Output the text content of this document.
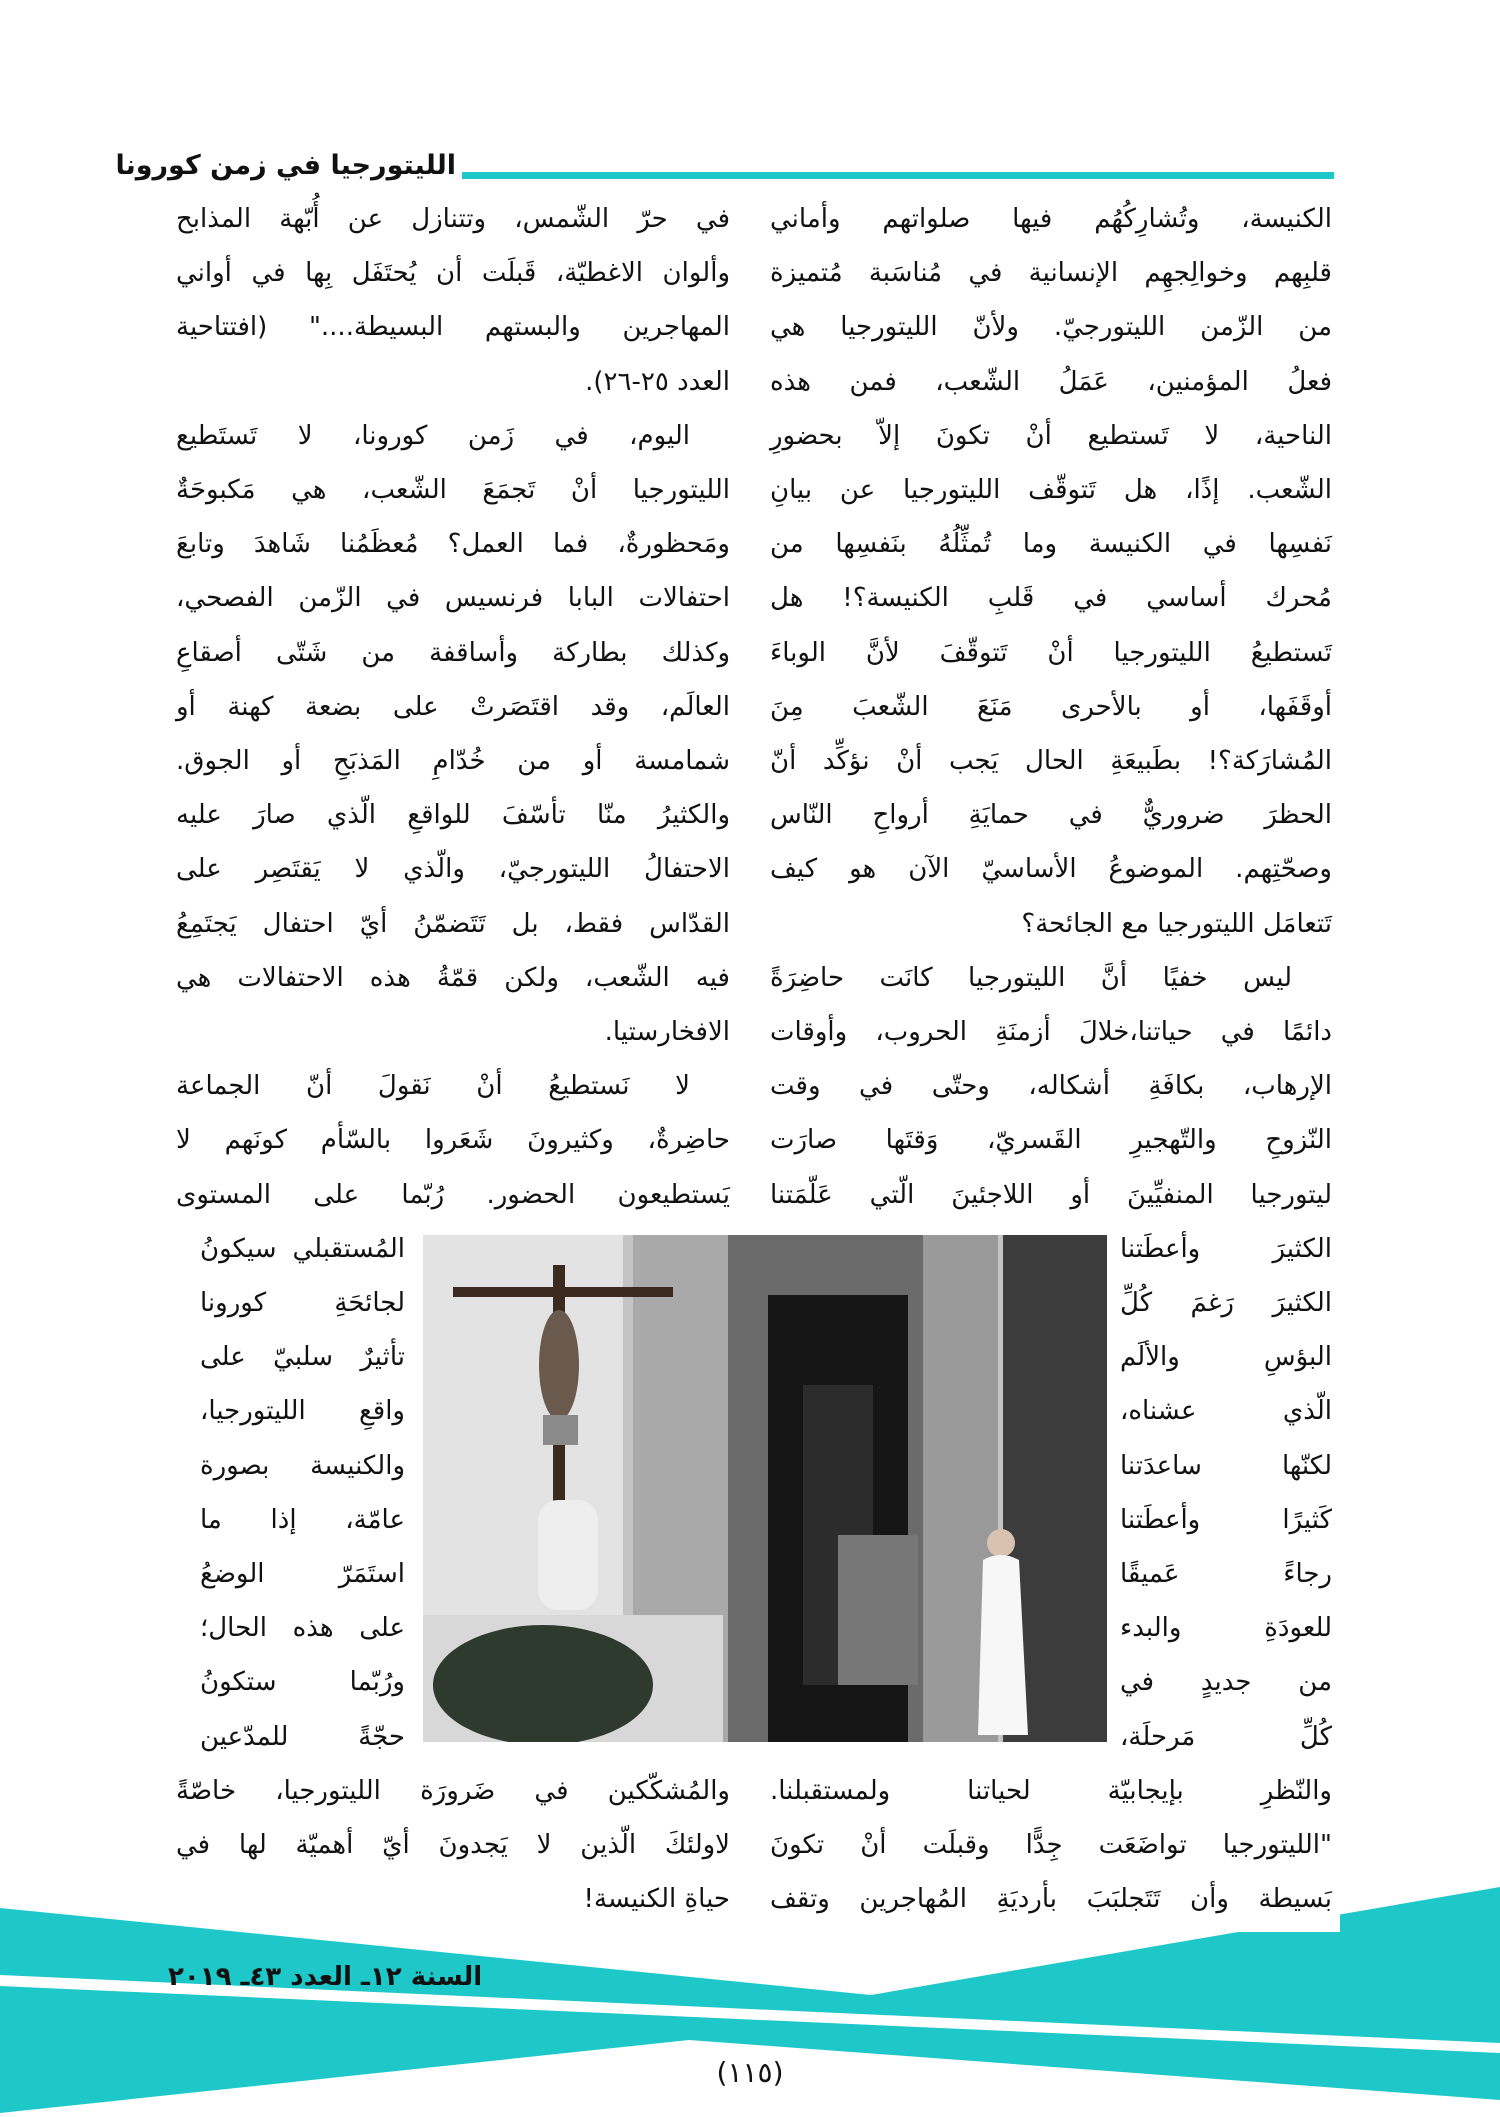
الليتورجيا في زمن كورونا
الكنيسة، وتُشارِكُهُم فيها صلواتهم وأماني
قلبِهم وخوالِجهِم الإنسانية في مُناسَبة مُتميزة
من الزّمن الليتورجيّ. ولأنّ الليتورجيا هي
فعلُ المؤمنين، عَمَلُ الشّعب، فمن هذه
الناحية، لا تَستطيع أنْ تكونَ إلاّ بحضورِ
الشّعب. إذًا، هل تَتوقّف الليتورجيا عن بيانِ
نَفسِها في الكنيسة وما تُمثِّلُهُ بنَفسِها من
مُحرك أساسي في قَلبِ الكنيسة؟! هل
تَستطيعُ الليتورجيا أنْ تَتوقّفَ لأنَّ الوباءَ
أوقَفَها، أو بالأحرى مَنَعَ الشّعبَ مِنَ
المُشارَكة؟! بطَبيعَةِ الحال يَجب أنْ نؤكِّد أنّ
الحظرَ ضروريٌّ في حمايَةِ أرواحِ النّاس
وصحّتِهم. الموضوعُ الأساسيّ الآن هو كيف
تَتعامَل الليتورجيا مع الجائحة؟
ليس خفيًا أنَّ الليتورجيا كانَت حاضِرَةً
دائمًا في حياتنا،خلالَ أزمنَةِ الحروب، وأوقات
الإرهاب، بكافَةِ أشكاله، وحتّى في وقت
النّزوحِ والتّهجيرِ القَسريّ، وَقتَها صارَت
ليتورجيا المنفيِّينَ أو اللاجئينَ الّتي عَلّمَتنا
الكثيرَ وأعطَتنا
الكثيرَ رَغمَ كُلِّ
البؤسِ والألَم
الّذي عشناه،
لكنّها ساعدَتنا
كَثيرًا وأعطَتنا
رجاءً عَميقًا
للعودَةِ والبدء
من جديدٍ في
كُلِّ مَرحلَة،
والنّظرِ بإيجابيّة لحياتنا ولمستقبلنا.
"الليتورجيا تواضَعَت جِدًّا وقبلَت أنْ تكونَ
بَسيطة وأن تَتَجلبَبَ بأرديَةِ المُهاجرين وتقف
في حرّ الشّمس، وتتنازل عن أُبّهة المذابح
وألوان الاغطيّة، قَبلَت أن يُحتَفَل بِها في أواني
المهاجرين والبستهم البسيطة...." (افتتاحية
العدد ٢٥-٢٦).
اليوم، في زَمن كورونا، لا تَستَطيع
الليتورجيا أنْ تَجمَعَ الشّعب، هي مَكبوحَةٌ
ومَحظورةٌ، فما العمل؟ مُعظَمُنا شَاهدَ وتابعَ
احتفالات البابا فرنسيس في الزّمن الفصحي،
وكذلك بطاركة وأساقفة من شَتّى أصقاعِ
العالَم، وقد اقتَصَرتْ على بضعة كهنة أو
شمامسة أو من خُدّامِ المَذبَحِ أو الجوق.
والكثيرُ منّا تأسّفَ للواقعِ الّذي صارَ عليه
الاحتفالُ الليتورجيّ، والّذي لا يَقتَصِر على
القدّاس فقط، بل تَتَضمّنُ أيّ احتفال يَجتَمِعُ
فيه الشّعب، ولكن قمّةُ هذه الاحتفالات هي
الافخارستيا.
لا نَستطيعُ أنْ نَقولَ أنّ الجماعة
حاضِرةٌ، وكثيرونَ شَعَروا بالسّأم كونَهم لا
يَستطيعون الحضور. رُبّما على المستوى
المُستقبلي سيكونُ
لجائحَةِ كورونا
تأثيرٌ سلبيّ على
واقعِ الليتورجيا،
والكنيسة بصورة
عامّة، إذا ما
استَمَرّ الوضعُ
على هذه الحال؛
ورُبّما ستكونُ
حجّةً للمدّعين
والمُشكّكين في ضَرورَة الليتورجيا، خاصّةً
لاولئكَ الّذين لا يَجدونَ أيّ أهميّة لها في
حياةِ الكنيسة!
السنة ١٢ـ العدد ٤٣ـ ٢٠١٩
(١١٥)
